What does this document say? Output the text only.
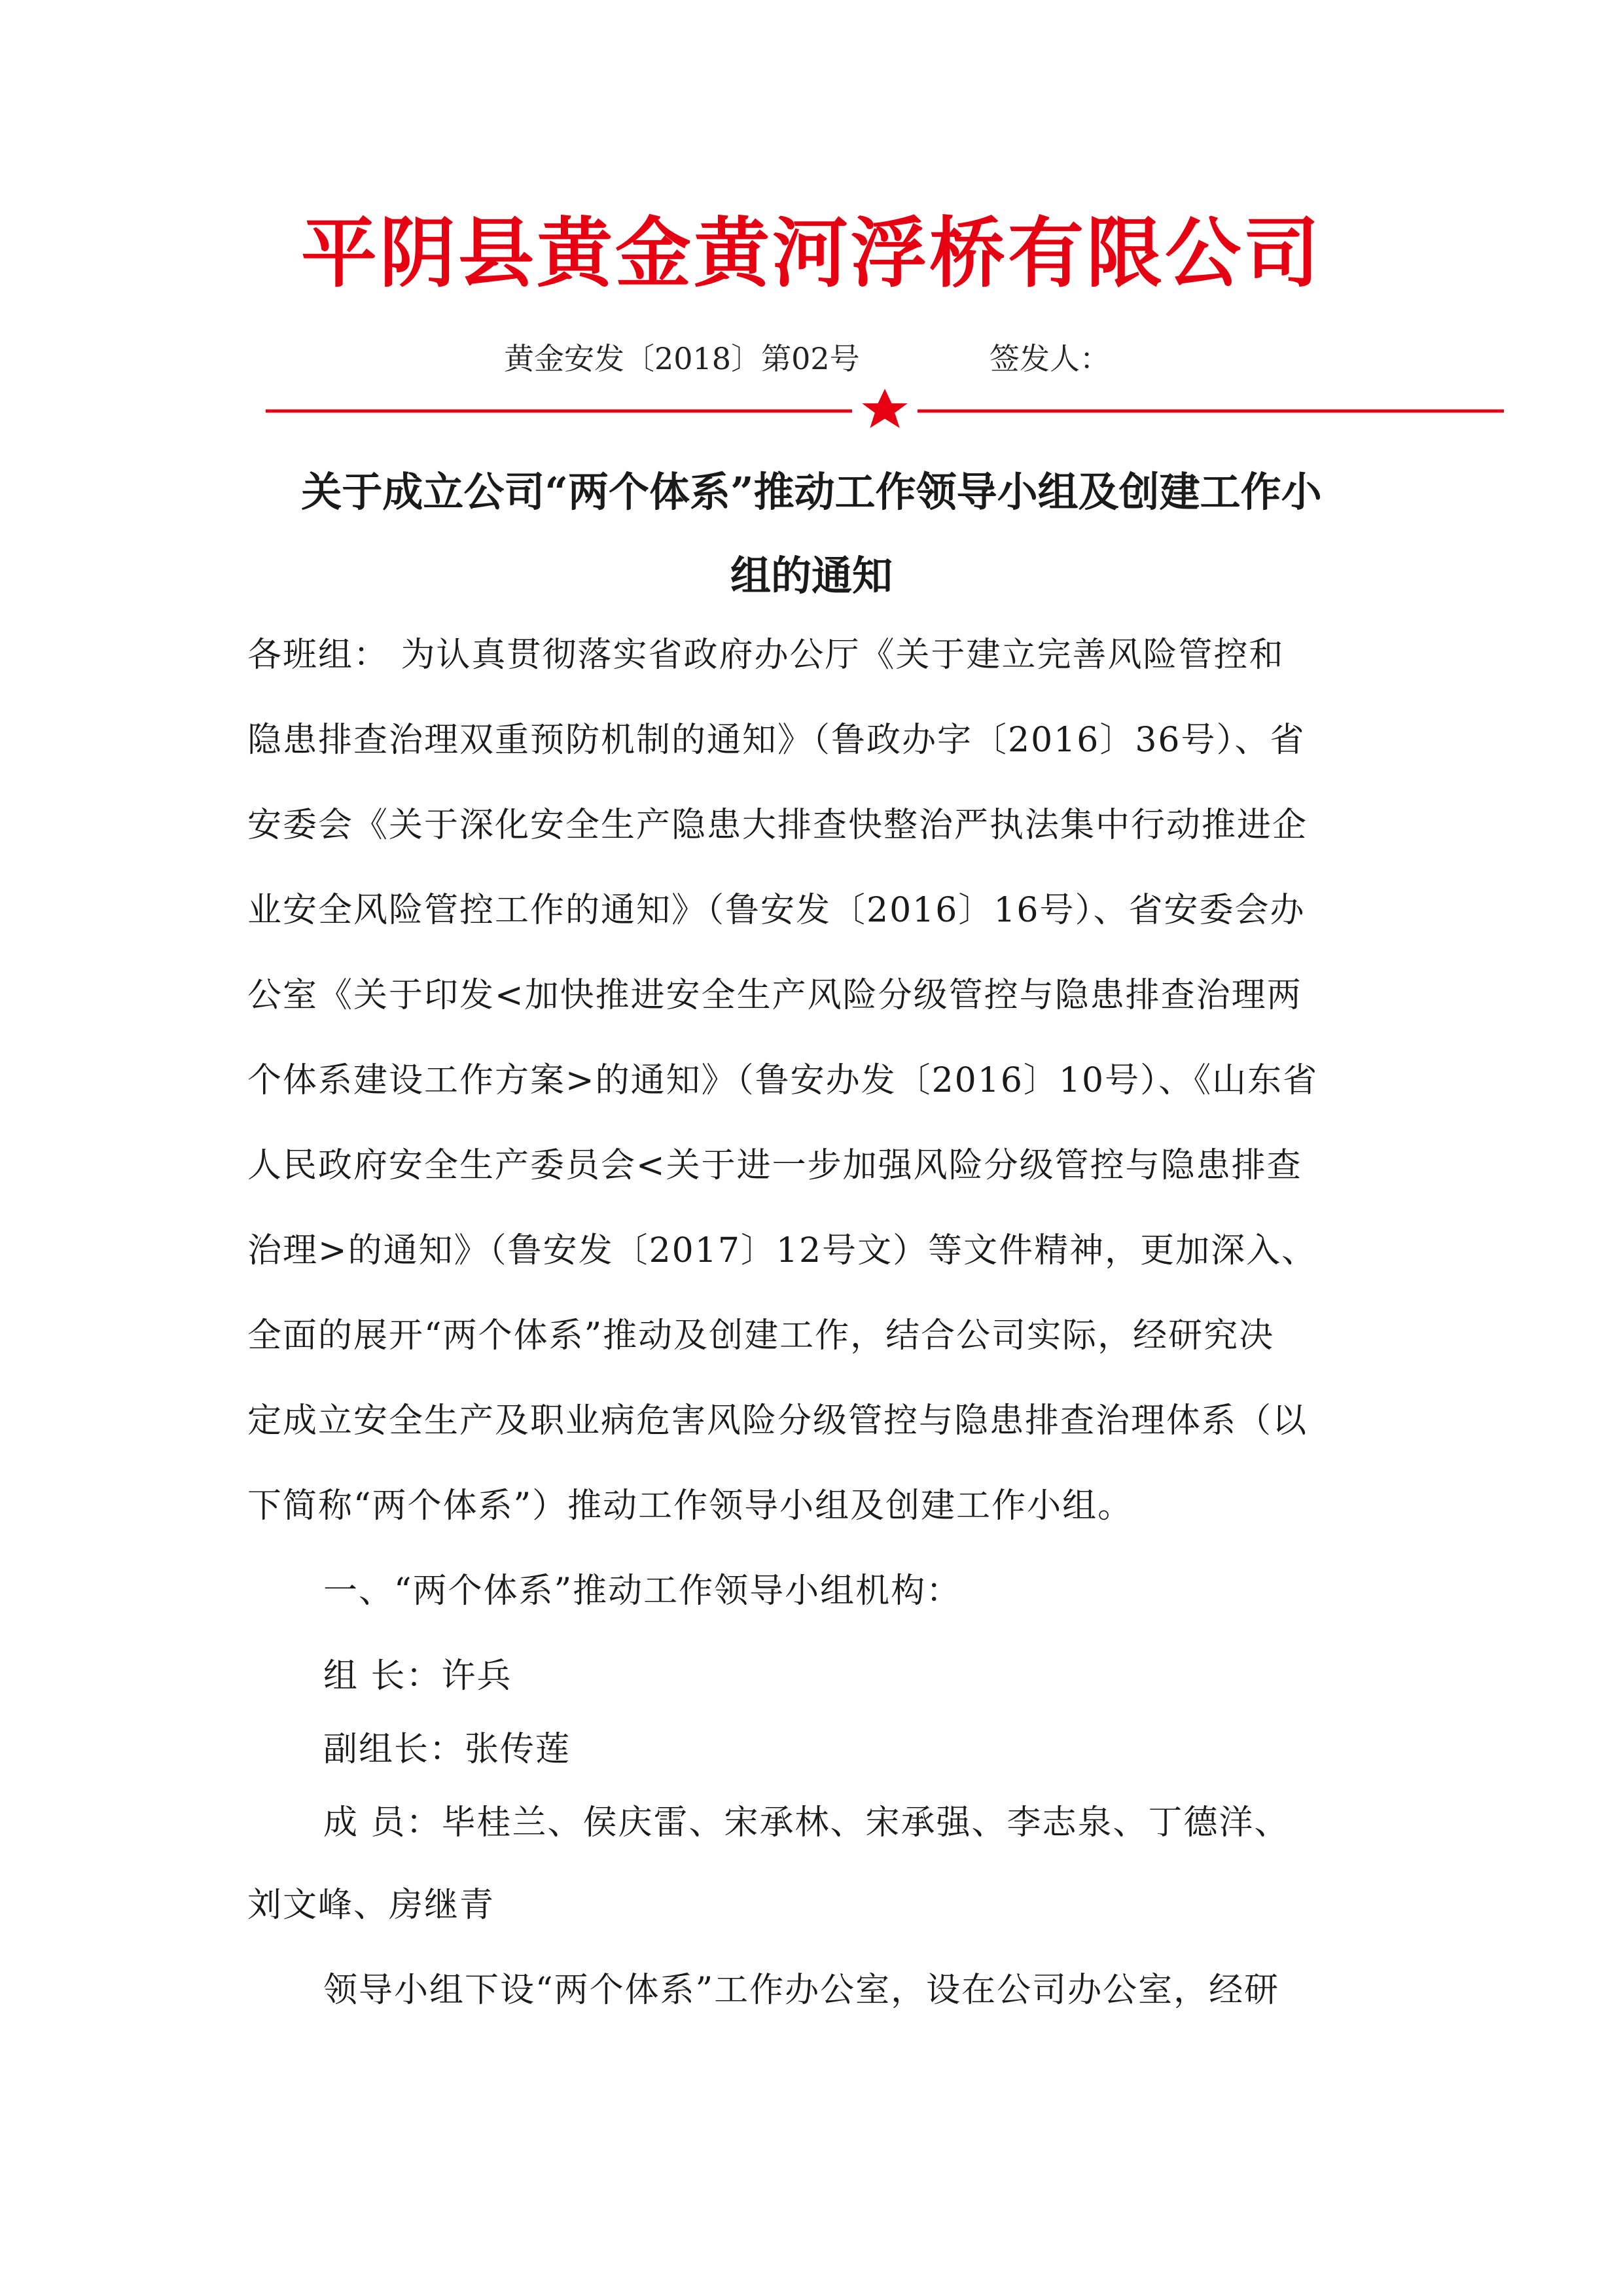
平阴县黄金黄河浮桥有限公司
黄金安发〔2018〕第02号	签发人：
关于成立公司“两个体系”推动工作领导小组及创建工作小
组的通知
各班组： 为认真贯彻落实省政府办公厅《关于建立完善风险管控和
隐患排查治理双重预防机制的通知》（鲁政办字〔2016〕36号）、省
安委会《关于深化安全生产隐患大排查快整治严执法集中行动推进企
业安全风险管控工作的通知》（鲁安发〔2016〕16号）、省安委会办
公室《关于印发<加快推进安全生产风险分级管控与隐患排查治理两
个体系建设工作方案>的通知》（鲁安办发〔2016〕10号）、《山东省
人民政府安全生产委员会<关于进一步加强风险分级管控与隐患排查
治理>的通知》（鲁安发〔2017〕12号文）等文件精神，更加深入、
全面的展开“两个体系”推动及创建工作，结合公司实际，经研究决
定成立安全生产及职业病危害风险分级管控与隐患排查治理体系（以
下简称“两个体系”）推动工作领导小组及创建工作小组。
一、“两个体系”推动工作领导小组机构：
组 长：许兵
副组长：张传莲
成 员：毕桂兰、侯庆雷、宋承林、宋承强、李志泉、丁德洋、
刘文峰、房继青
领导小组下设“两个体系”工作办公室，设在公司办公室，经研
